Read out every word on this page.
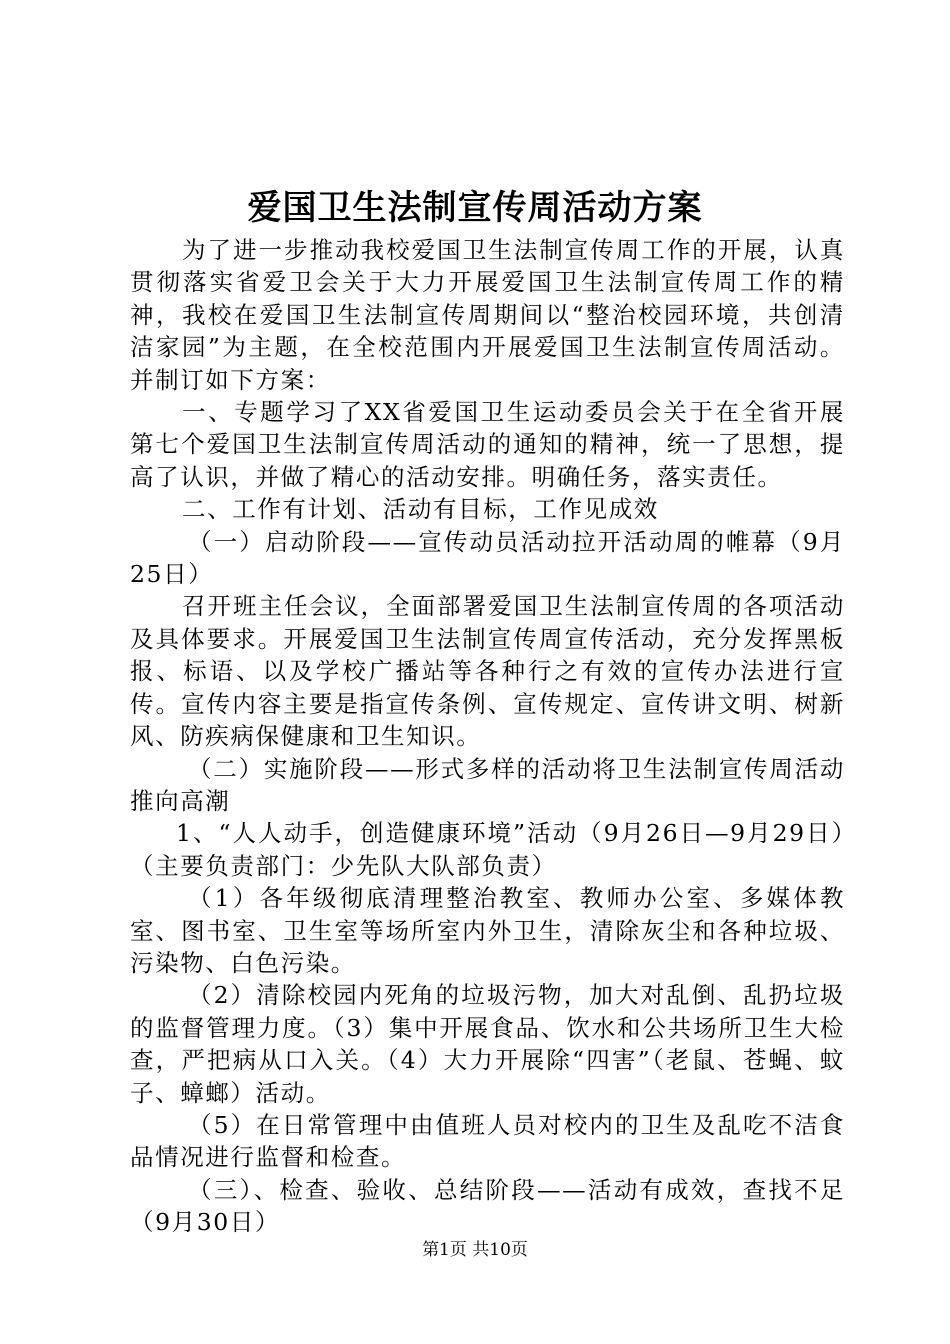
爱国卫生法制宣传周活动方案

为了进一步推动我校爱国卫生法制宣传周工作的开展，认真贯彻落实省爱卫会关于大力开展爱国卫生法制宣传周工作的精神，我校在爱国卫生法制宣传周期间以“整治校园环境，共创清洁家园”为主题，在全校范围内开展爱国卫生法制宣传周活动。并制订如下方案：

一、专题学习了XX省爱国卫生运动委员会关于在全省开展第七个爱国卫生法制宣传周活动的通知的精神，统一了思想，提高了认识，并做了精心的活动安排。明确任务，落实责任。

二、工作有计划、活动有目标，工作见成效

（一）启动阶段——宣传动员活动拉开活动周的帷幕（9月25日）

召开班主任会议，全面部署爱国卫生法制宣传周的各项活动及具体要求。开展爱国卫生法制宣传周宣传活动，充分发挥黑板报、标语、以及学校广播站等各种行之有效的宣传办法进行宣传。宣传内容主要是指宣传条例、宣传规定、宣传讲文明、树新风、防疾病保健康和卫生知识。

（二）实施阶段——形式多样的活动将卫生法制宣传周活动推向高潮

1、“人人动手，创造健康环境”活动（9月26日—9月29日）（主要负责部门：少先队大队部负责）

（1）各年级彻底清理整治教室、教师办公室、多媒体教室、图书室、卫生室等场所室内外卫生，清除灰尘和各种垃圾、污染物、白色污染。

（2）清除校园内死角的垃圾污物，加大对乱倒、乱扔垃圾的监督管理力度。（3）集中开展食品、饮水和公共场所卫生大检查，严把病从口入关。（4）大力开展除“四害”（老鼠、苍蝇、蚊子、蟑螂）活动。

（5）在日常管理中由值班人员对校内的卫生及乱吃不洁食品情况进行监督和检查。

（三）、检查、验收、总结阶段——活动有成效，查找不足（9月30日）

第1页 共10页
